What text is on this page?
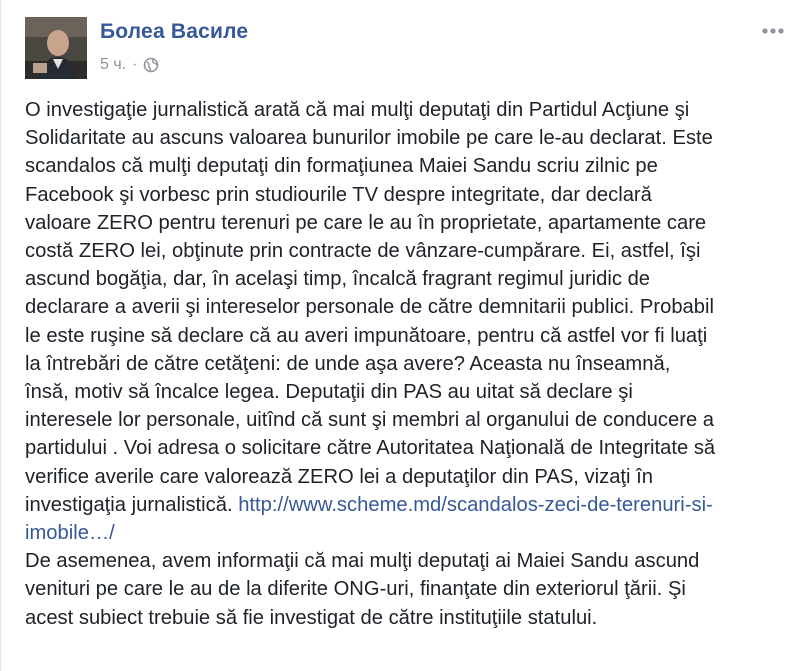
Болеа Василе
5 ч. ·

O investigaţie jurnalistică arată că mai mulţi deputaţi din Partidul Acţiune şi
Solidaritate au ascuns valoarea bunurilor imobile pe care le-au declarat. Este
scandalos că mulţi deputaţi din formaţiunea Maiei Sandu scriu zilnic pe
Facebook şi vorbesc prin studiourile TV despre integritate, dar declară
valoare ZERO pentru terenuri pe care le au în proprietate, apartamente care
costă ZERO lei, obţinute prin contracte de vânzare-cumpărare. Ei, astfel, îşi
ascund bogăţia, dar, în acelaşi timp, încalcă fragrant regimul juridic de
declarare a averii şi intereselor personale de către demnitarii publici. Probabil
le este ruşine să declare că au averi impunătoare, pentru că astfel vor fi luaţi
la întrebări de către cetăţeni: de unde aşa avere? Aceasta nu înseamnă,
însă, motiv să încalce legea. Deputaţii din PAS au uitat să declare şi
interesele lor personale, uitînd că sunt şi membri al organului de conducere a
partidului . Voi adresa o solicitare către Autoritatea Naţională de Integritate să
verifice averile care valorează ZERO lei a deputaţilor din PAS, vizaţi în
investigaţia jurnalistică. http://www.scheme.md/scandalos-zeci-de-terenuri-si-
imobile…/

De asemenea, avem informaţii că mai mulţi deputaţi ai Maiei Sandu ascund
venituri pe care le au de la diferite ONG-uri, finanţate din exteriorul ţării. Şi
acest subiect trebuie să fie investigat de către instituţiile statului.
